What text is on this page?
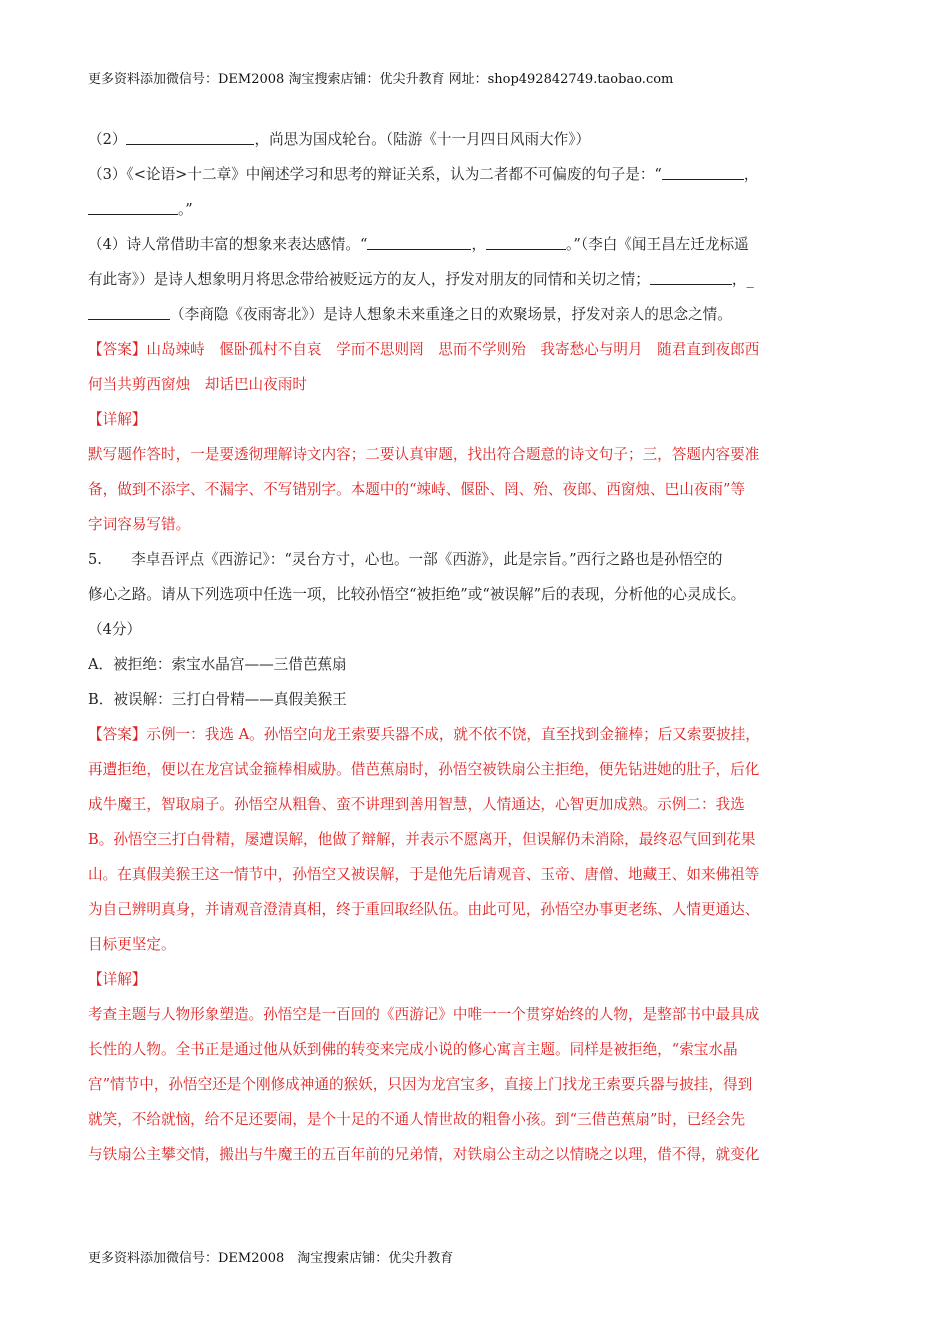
更多资料添加微信号：DEM2008 淘宝搜索店铺：优尖升教育 网址：shop492842749.taobao.com
（2）	，尚思为国戍轮台。（陆游《十一月四日风雨大作》）
（3）《<论语>十二章》中阐述学习和思考的辩证关系，认为二者都不可偏废的句子是：“	，
。”
（4）诗人常借助丰富的想象来表达感情。“	，	。”（李白《闻王昌左迁龙标遥
有此寄》）是诗人想象明月将思念带给被贬远方的友人，抒发对朋友的同情和关切之情；	，_
（李商隐《夜雨寄北》）是诗人想象未来重逢之日的欢聚场景，抒发对亲人的思念之情。
【答案】山岛竦峙　偃卧孤村不自哀　学而不思则罔　思而不学则殆　我寄愁心与明月　随君直到夜郎西
何当共剪西窗烛　却话巴山夜雨时
【详解】
默写题作答时，一是要透彻理解诗文内容；二要认真审题，找出符合题意的诗文句子；三，答题内容要准
备，做到不添字、不漏字、不写错别字。本题中的“竦峙、偃卧、罔、殆、夜郎、西窗烛、巴山夜雨”等
字词容易写错。
5.　　李卓吾评点《西游记》：“灵台方寸，心也。一部《西游》，此是宗旨。”西行之路也是孙悟空的
修心之路。请从下列选项中任选一项，比较孙悟空“被拒绝”或“被误解”后的表现，分析他的心灵成长。
（4分）
A．被拒绝：索宝水晶宫——三借芭蕉扇
B．被误解：三打白骨精——真假美猴王
【答案】示例一：我选 A。孙悟空向龙王索要兵器不成，就不依不饶，直至找到金箍棒；后又索要披挂，
再遭拒绝，便以在龙宫试金箍棒相威胁。借芭蕉扇时，孙悟空被铁扇公主拒绝，便先钻进她的肚子，后化
成牛魔王，智取扇子。孙悟空从粗鲁、蛮不讲理到善用智慧，人情通达，心智更加成熟。示例二：我选
B。孙悟空三打白骨精，屡遭误解，他做了辩解，并表示不愿离开，但误解仍未消除，最终忍气回到花果
山。在真假美猴王这一情节中，孙悟空又被误解，于是他先后请观音、玉帝、唐僧、地藏王、如来佛祖等
为自己辨明真身，并请观音澄清真相，终于重回取经队伍。由此可见，孙悟空办事更老练、人情更通达、
目标更坚定。
【详解】
考查主题与人物形象塑造。孙悟空是一百回的《西游记》中唯一一个贯穿始终的人物，是整部书中最具成
长性的人物。全书正是通过他从妖到佛的转变来完成小说的修心寓言主题。同样是被拒绝，“索宝水晶
宫”情节中，孙悟空还是个刚修成神通的猴妖，只因为龙宫宝多，直接上门找龙王索要兵器与披挂，得到
就笑，不给就恼，给不足还要闹，是个十足的不通人情世故的粗鲁小孩。到“三借芭蕉扇”时，已经会先
与铁扇公主攀交情，搬出与牛魔王的五百年前的兄弟情，对铁扇公主动之以情晓之以理，借不得，就变化
更多资料添加微信号：DEM2008　淘宝搜索店铺：优尖升教育
